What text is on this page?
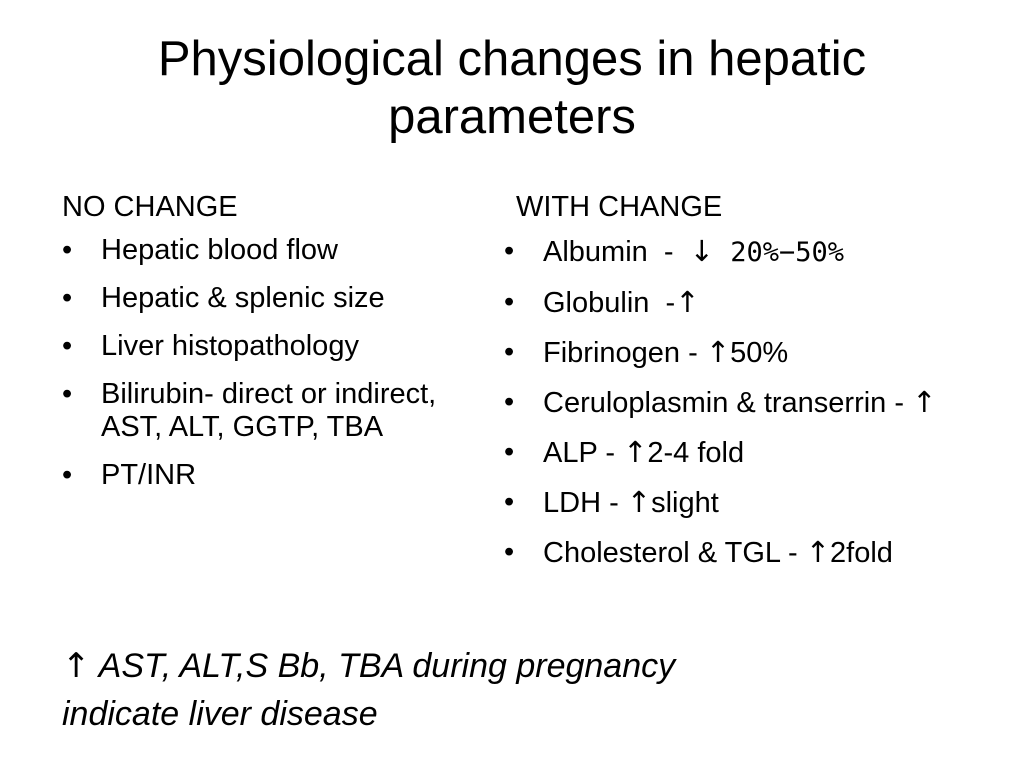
Physiological changes in hepatic parameters
NO CHANGE
• Hepatic blood flow
• Hepatic & splenic size
• Liver histopathology
• Bilirubin- direct or indirect, AST, ALT, GGTP, TBA
• PT/INR
WITH CHANGE
• Albumin  -  ↓ 20%−50%
• Globulin  -↑
• Fibrinogen - ↑50%
• Ceruloplasmin & transerrin - ↑
• ALP - ↑2-4 fold
• LDH - ↑slight
• Cholesterol & TGL - ↑2fold
↑ AST, ALT,S Bb, TBA during pregnancy indicate liver disease
